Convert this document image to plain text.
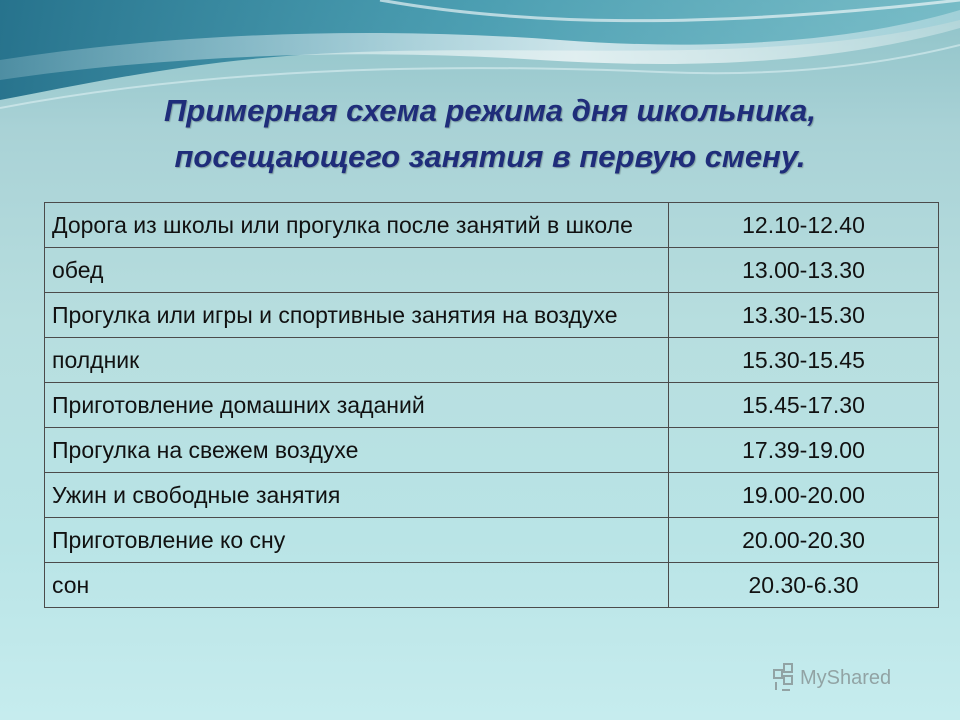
Примерная схема режима дня школьника,
посещающего занятия в первую смену.
Дорога из школы или прогулка после занятий в школе	12.10-12.40
обед	13.00-13.30
Прогулка или игры и спортивные занятия на воздухе	13.30-15.30
полдник	15.30-15.45
Приготовление домашних заданий	15.45-17.30
Прогулка на свежем воздухе	17.39-19.00
Ужин и свободные занятия	19.00-20.00
Приготовление ко сну	20.00-20.30
сон	20.30-6.30
MyShared
